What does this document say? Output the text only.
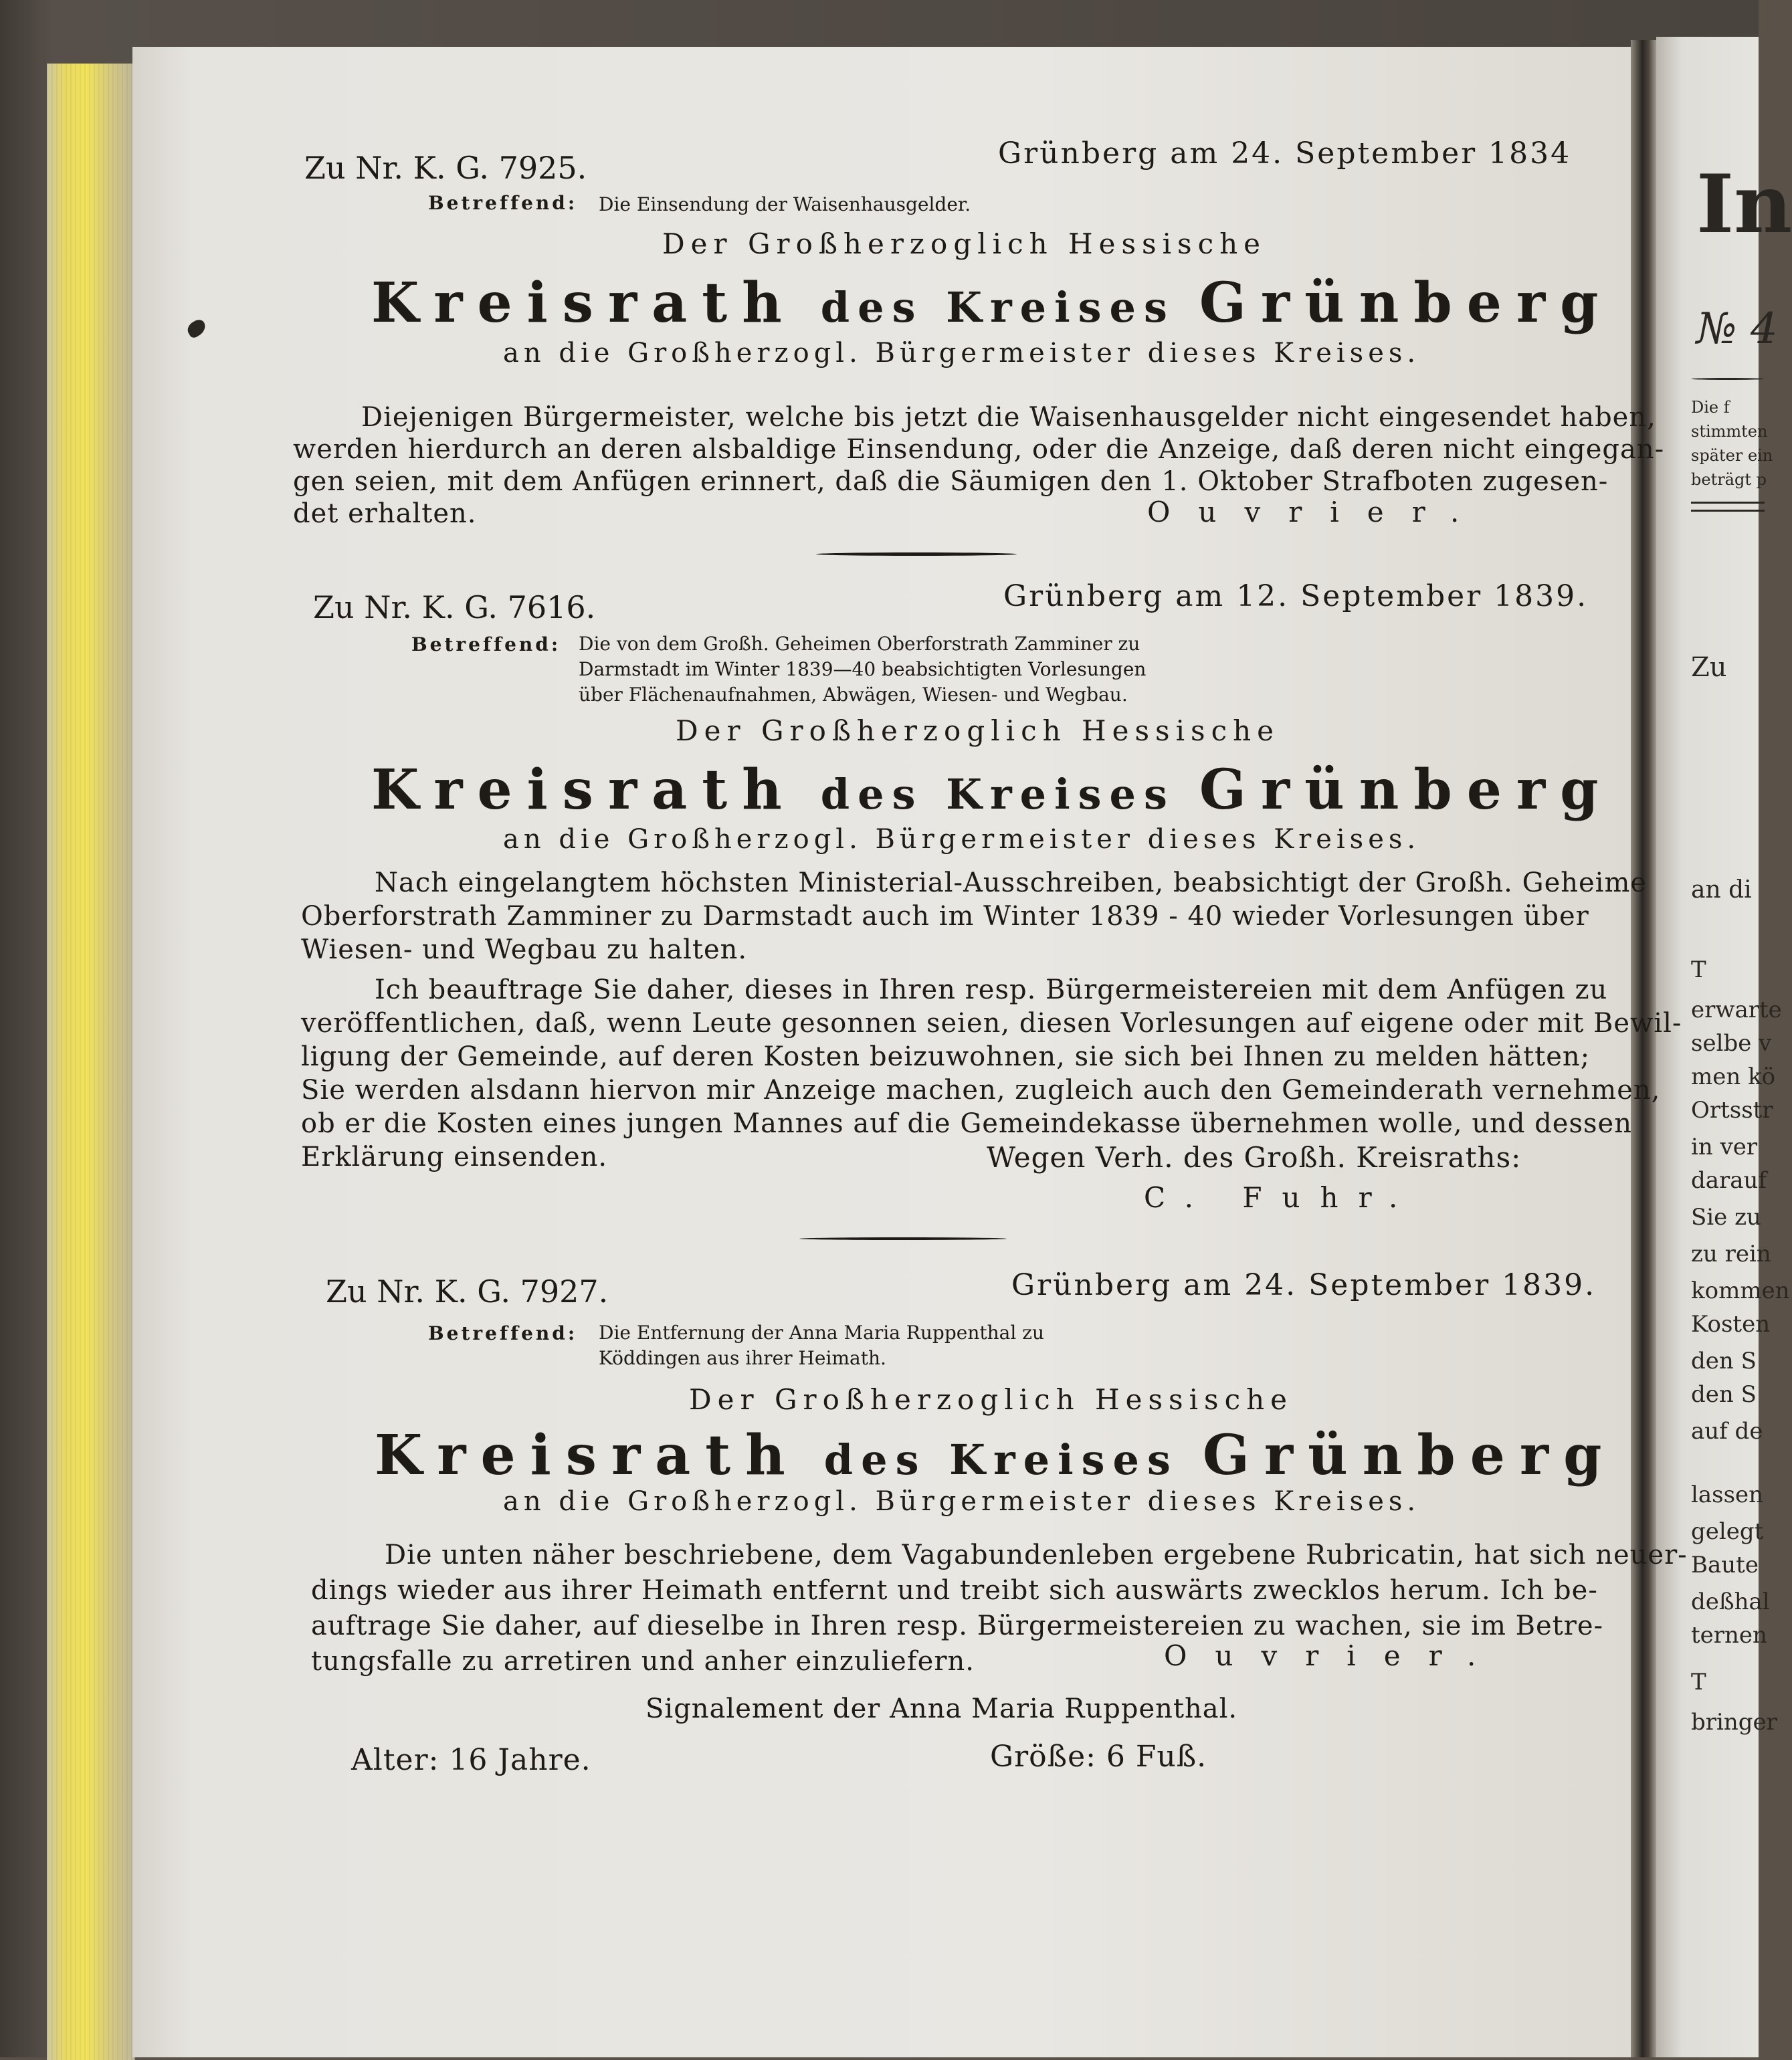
In
№ 4
Die f
stimmten
später ein
beträgt p
Zu
an di
T
erwarte
selbe v
men kö
Ortsstr
in ver
darauf
Sie zu
zu rein
kommen
Kosten
den S
den S
auf de
lassen
gelegt
Baute
deßhal
ternen
T
bringer
Zu Nr. K. G. 7925.	Grünberg am 24. September 1834
Betreffend: Die Einsendung der Waisenhausgelder.
Der Großherzoglich Hessische
Kreisrath des Kreises Grünberg
an die Großherzogl. Bürgermeister dieses Kreises.
Diejenigen Bürgermeister, welche bis jetzt die Waisenhausgelder nicht eingesendet haben,
werden hierdurch an deren alsbaldige Einsendung, oder die Anzeige, daß deren nicht eingegan-
gen seien, mit dem Anfügen erinnert, daß die Säumigen den 1. Oktober Strafboten zugesen-
det erhalten.	Ouvrier.
Zu Nr. K. G. 7616.	Grünberg am 12. September 1839.
Betreffend: Die von dem Großh. Geheimen Oberforstrath Zamminer zu
Darmstadt im Winter 1839—40 beabsichtigten Vorlesungen
über Flächenaufnahmen, Abwägen, Wiesen- und Wegbau.
Der Großherzoglich Hessische
Kreisrath des Kreises Grünberg
an die Großherzogl. Bürgermeister dieses Kreises.
Nach eingelangtem höchsten Ministerial-Ausschreiben, beabsichtigt der Großh. Geheime
Oberforstrath Zamminer zu Darmstadt auch im Winter 1839 - 40 wieder Vorlesungen über
Wiesen- und Wegbau zu halten.
Ich beauftrage Sie daher, dieses in Ihren resp. Bürgermeistereien mit dem Anfügen zu
veröffentlichen, daß, wenn Leute gesonnen seien, diesen Vorlesungen auf eigene oder mit Bewil-
ligung der Gemeinde, auf deren Kosten beizuwohnen, sie sich bei Ihnen zu melden hätten;
Sie werden alsdann hiervon mir Anzeige machen, zugleich auch den Gemeinderath vernehmen,
ob er die Kosten eines jungen Mannes auf die Gemeindekasse übernehmen wolle, und dessen
Erklärung einsenden.	Wegen Verh. des Großh. Kreisraths:
C. Fuhr.
Zu Nr. K. G. 7927.	Grünberg am 24. September 1839.
Betreffend: Die Entfernung der Anna Maria Ruppenthal zu
Köddingen aus ihrer Heimath.
Der Großherzoglich Hessische
Kreisrath des Kreises Grünberg
an die Großherzogl. Bürgermeister dieses Kreises.
Die unten näher beschriebene, dem Vagabundenleben ergebene Rubricatin, hat sich neuer-
dings wieder aus ihrer Heimath entfernt und treibt sich auswärts zwecklos herum. Ich be-
auftrage Sie daher, auf dieselbe in Ihren resp. Bürgermeistereien zu wachen, sie im Betre-
tungsfalle zu arretiren und anher einzuliefern.	Ouvrier.
Signalement der Anna Maria Ruppenthal.
Alter: 16 Jahre.	Größe: 6 Fuß.
